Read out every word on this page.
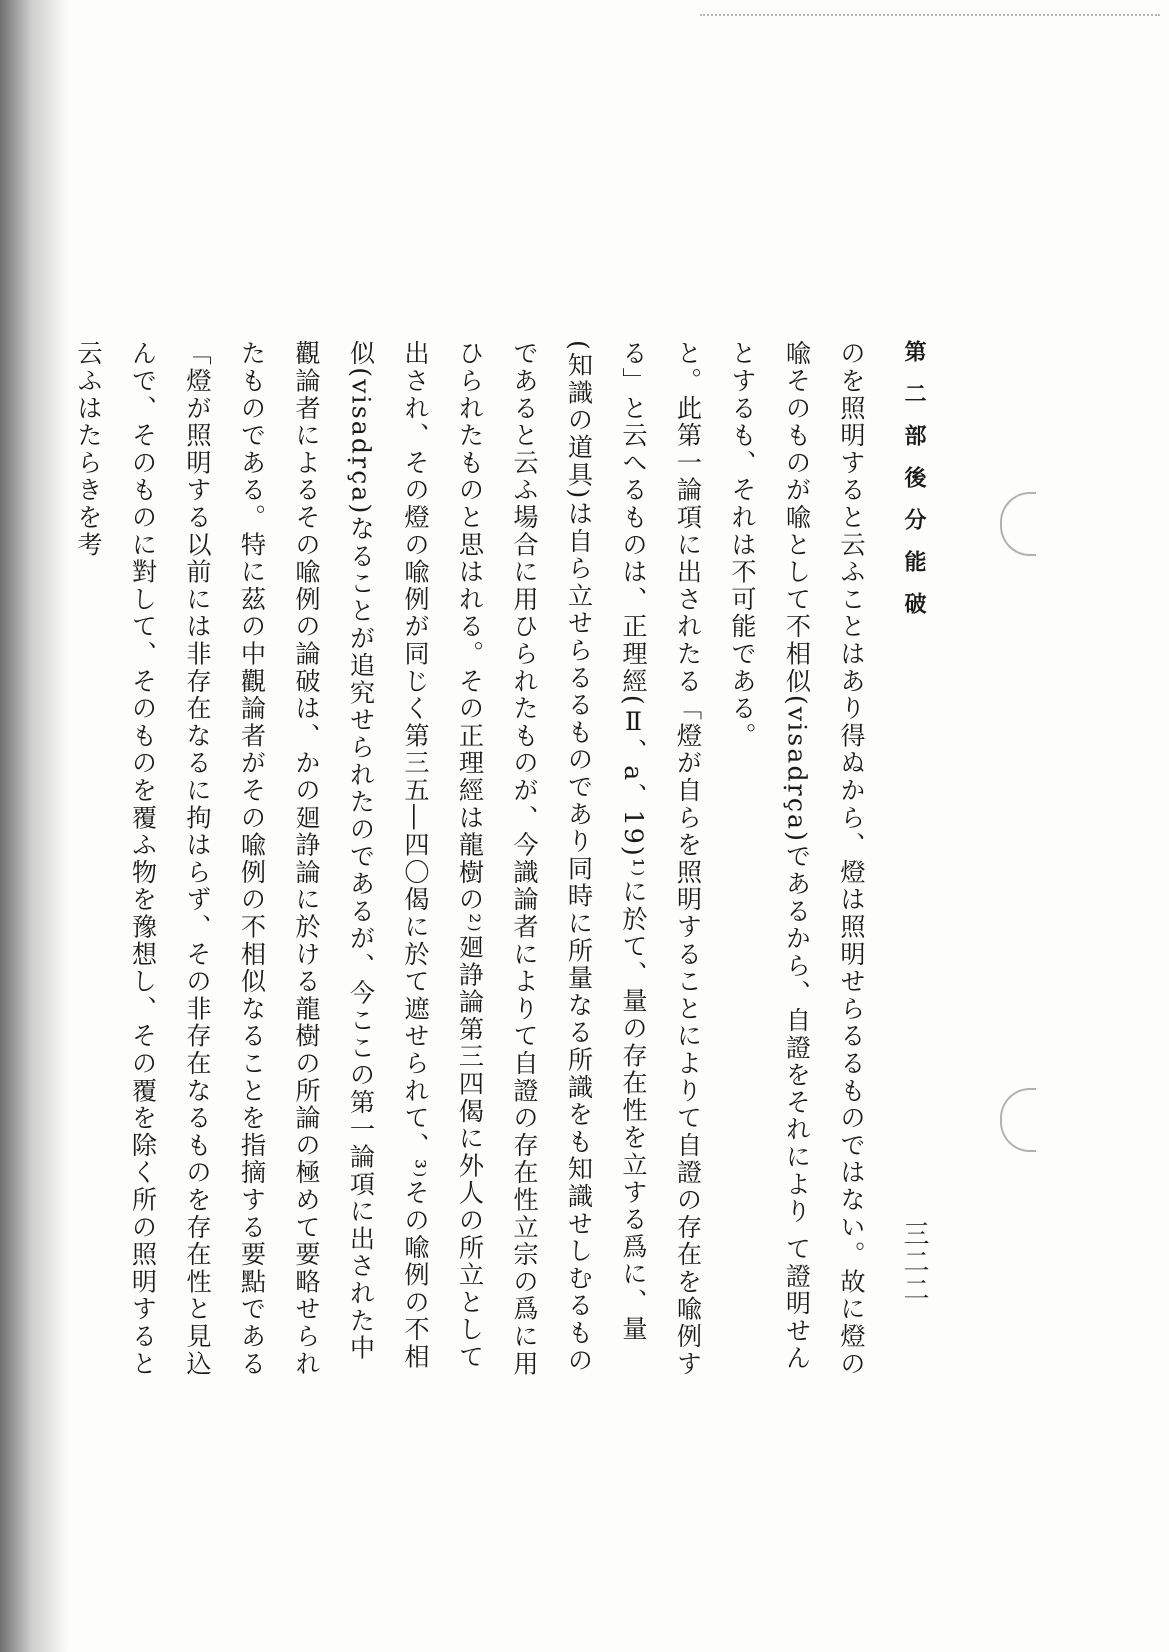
第二部後分能破
三二二

のを照明すると云ふことはあり得ぬから、燈は照明せらるるものではない。故に燈の喩そのものが喩として不相似(visadṛça)であるから、自證をそれにより て證明せんとするも、それは不可能である。

と。此第一論項に出されたる「燈が自らを照明することによりて自證の存在を喩例する」と云へるものは、正理經(Ⅱ、a、19)¹⁾に於て、量の存在性を立する爲に、量(知識の道具)は自ら立せらるるものであり同時に所量なる所識をも知識せしむるものであると云ふ場合に用ひられたものが、今識論者によりて自證の存在性立宗の爲に用ひられたものと思はれる。その正理經は龍樹の²⁾廻諍論第三四偈に外人の所立として出され、その燈の喩例が同じく第三五―四〇偈に於て遮せられて、³⁾その喩例の不相似(visadṛça)なることが追究せられたのであるが、今ここの第一論項に出された中觀論者によるその喩例の論破は、かの廻諍論に於ける龍樹の所論の極めて要略せられたものである。特に茲の中觀論者がその喩例の不相似なることを指摘する要點である「燈が照明する以前には非存在なるに拘はらず、その非存在なるものを存在性と見込んで、そのものに對して、そのものを覆ふ物を豫想し、その覆を除く所の照明すると云ふはたらきを考
